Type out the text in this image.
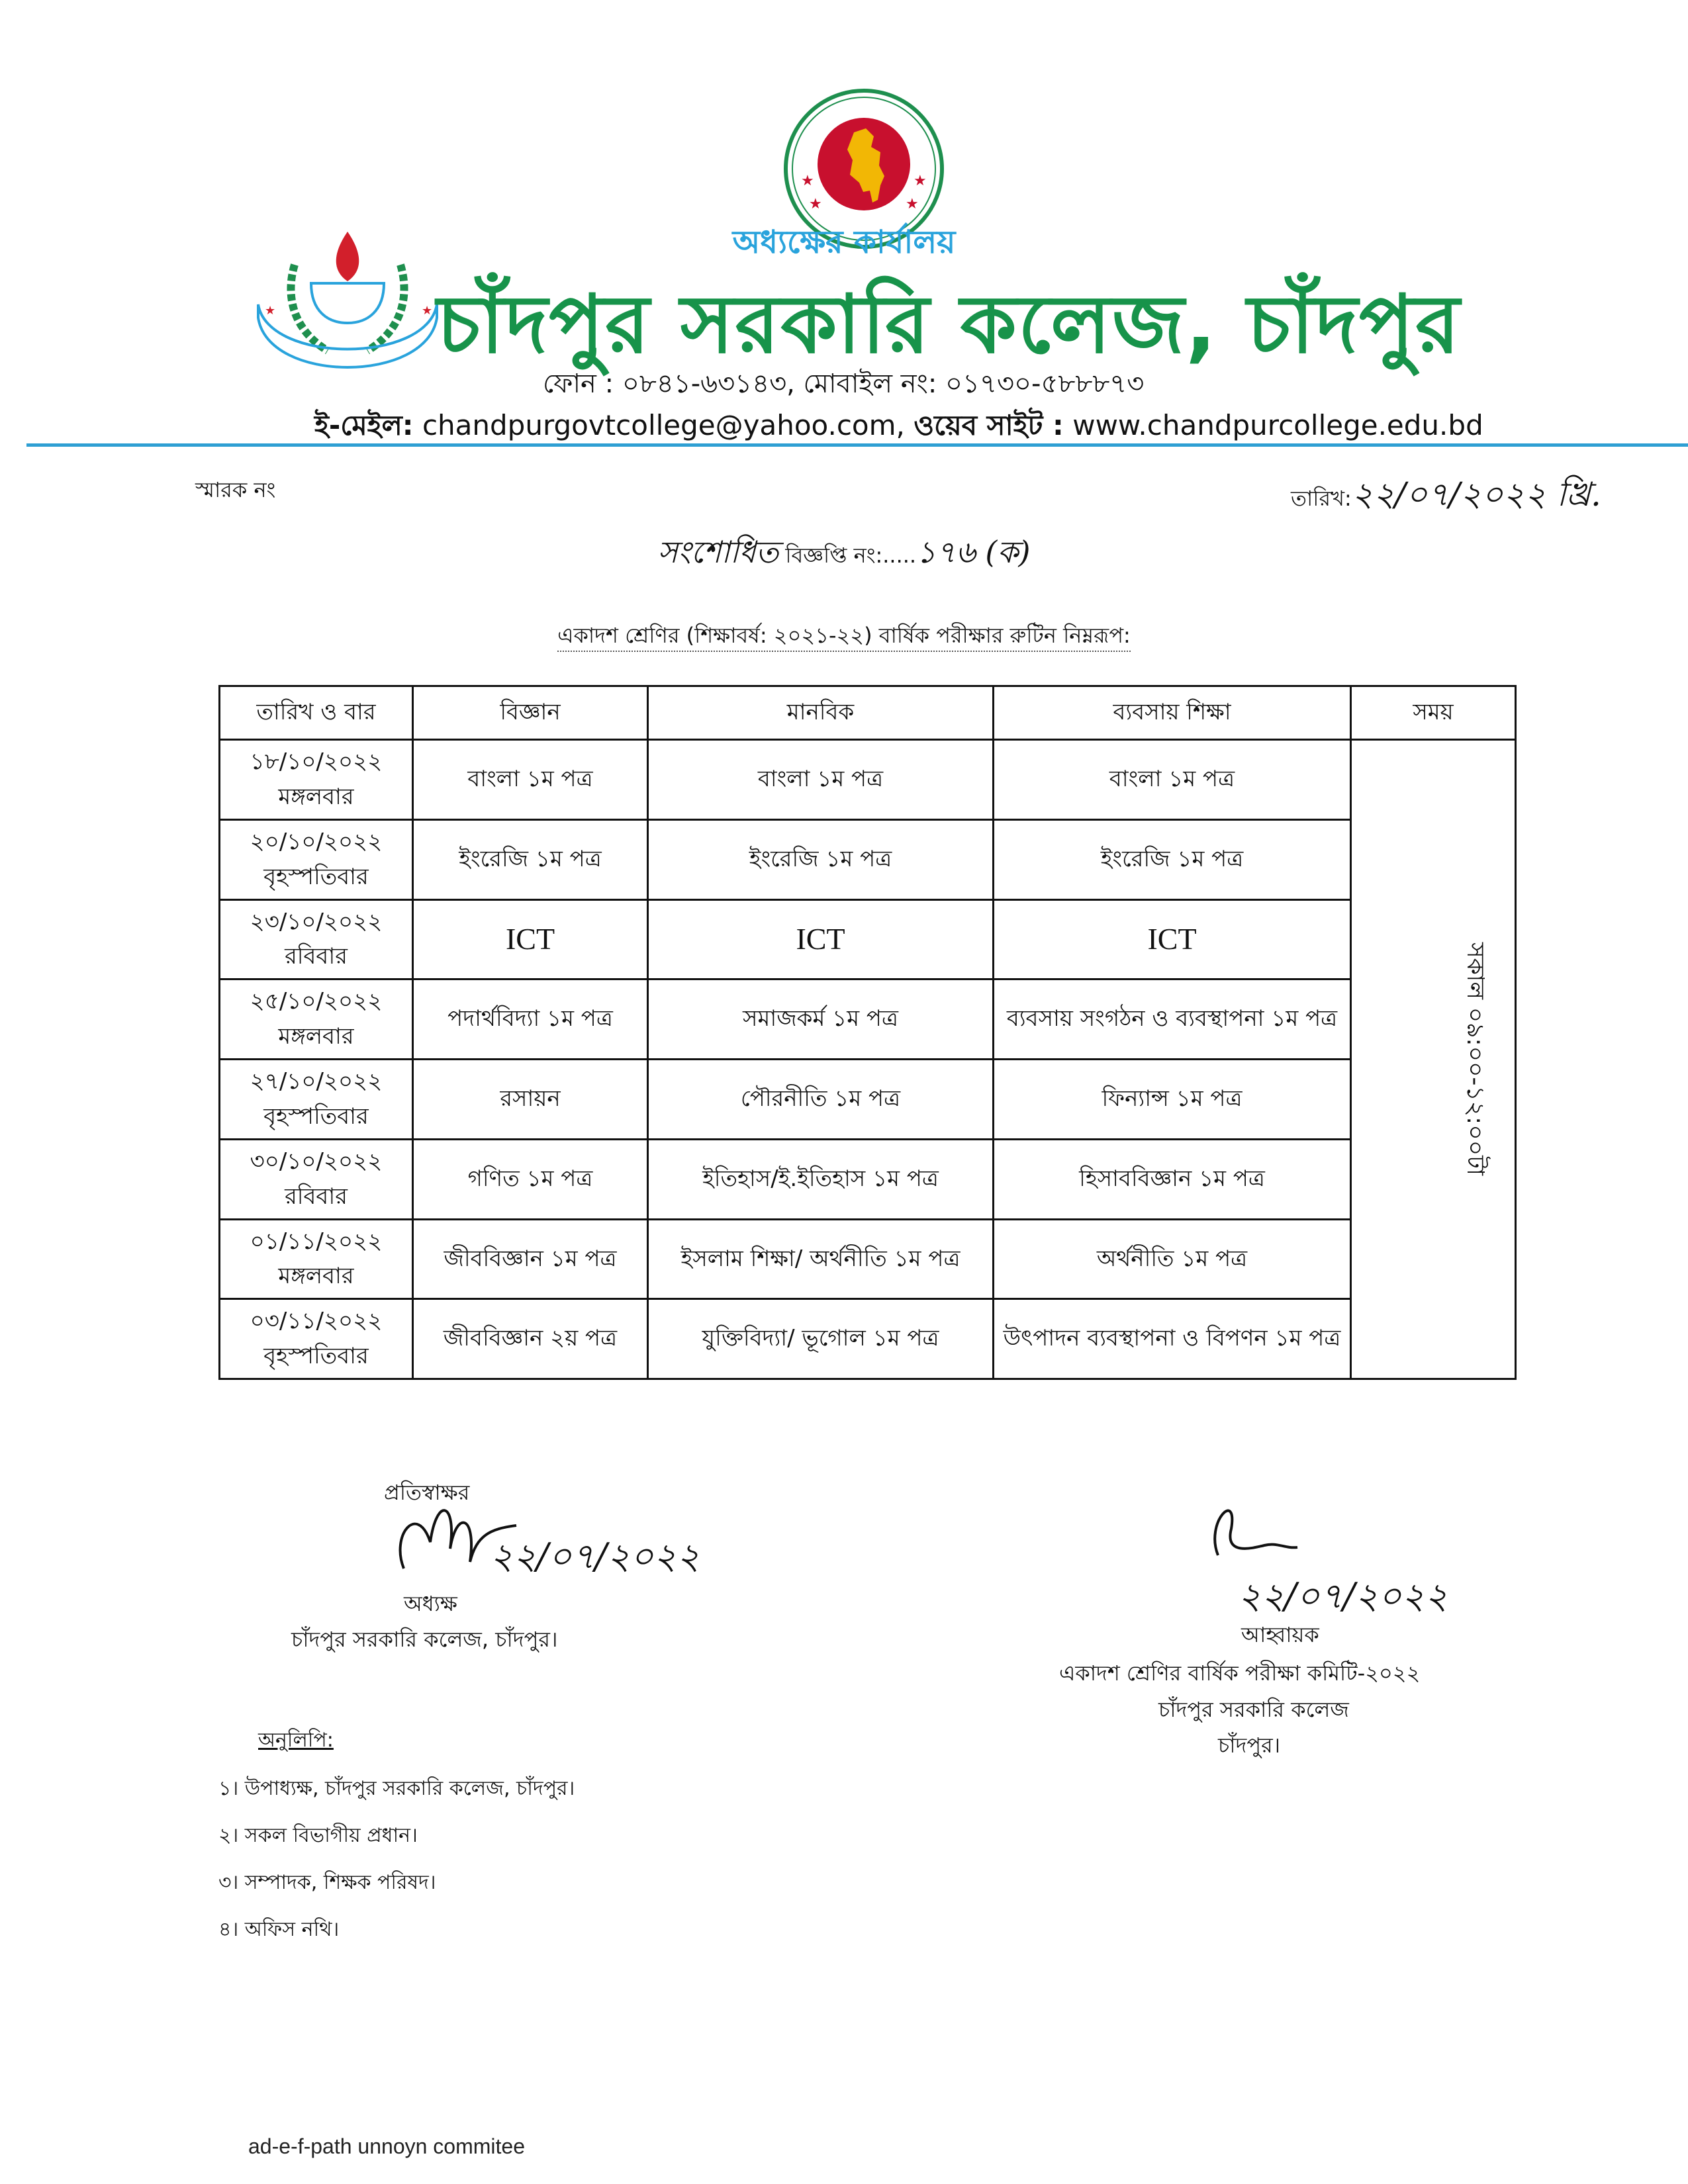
★	★
★	★
★	★
অধ্যক্ষের কার্যালয়
চাঁদপুর সরকারি কলেজ, চাঁদপুর
ফোন : ০৮৪১-৬৩১৪৩, মোবাইল নং: ০১৭৩০-৫৮৮৮৭৩
ই-মেইল: chandpurgovtcollege@yahoo.com, ওয়েব সাইট : www.chandpurcollege.edu.bd
স্মারক নং	তারিখ:২২/০৭/২০২২ খ্রি.
সংশোধিত বিজ্ঞপ্তি নং:.....১৭৬ (ক)
একাদশ শ্রেণির (শিক্ষাবর্ষ: ২০২১-২২) বার্ষিক পরীক্ষার রুটিন নিম্নরূপ:
তারিখ ও বার	বিজ্ঞান	মানবিক	ব্যবসায় শিক্ষা	সময়

১৮/১০/২০২২
মঙ্গলবার	বাংলা ১ম পত্র	বাংলা ১ম পত্র	বাংলা ১ম পত্র	সকাল ০৯:০০-১২:০০টা

২০/১০/২০২২
বৃহস্পতিবার	ইংরেজি ১ম পত্র	ইংরেজি ১ম পত্র	ইংরেজি ১ম পত্র	

২৩/১০/২০২২
রবিবার	ICT	ICT	ICT	

২৫/১০/২০২২
মঙ্গলবার	পদার্থবিদ্যা ১ম পত্র	সমাজকর্ম ১ম পত্র	ব্যবসায় সংগঠন ও ব্যবস্থাপনা ১ম পত্র	

২৭/১০/২০২২
বৃহস্পতিবার	রসায়ন	পৌরনীতি ১ম পত্র	ফিন্যান্স ১ম পত্র	

৩০/১০/২০২২
রবিবার	গণিত ১ম পত্র	ইতিহাস/ই.ইতিহাস ১ম পত্র	হিসাববিজ্ঞান ১ম পত্র	

০১/১১/২০২২
মঙ্গলবার	জীববিজ্ঞান ১ম পত্র	ইসলাম শিক্ষা/ অর্থনীতি ১ম পত্র	অর্থনীতি ১ম পত্র	

০৩/১১/২০২২
বৃহস্পতিবার	জীববিজ্ঞান ২য় পত্র	যুক্তিবিদ্যা/ ভূগোল ১ম পত্র	উৎপাদন ব্যবস্থাপনা ও বিপণন ১ম পত্র	
প্রতিস্বাক্ষর
২২/০৭/২০২২
অধ্যক্ষ
চাঁদপুর সরকারি কলেজ, চাঁদপুর।
২২/০৭/২০২২
আহ্বায়ক
একাদশ শ্রেণির বার্ষিক পরীক্ষা কমিটি-২০২২
চাঁদপুর সরকারি কলেজ
চাঁদপুর।
অনুলিপি:
১। উপাধ্যক্ষ, চাঁদপুর সরকারি কলেজ, চাঁদপুর।
২। সকল বিভাগীয় প্রধান।
৩। সম্পাদক, শিক্ষক পরিষদ।
৪। অফিস নথি।
ad-e-f-path unnoyn commitee
